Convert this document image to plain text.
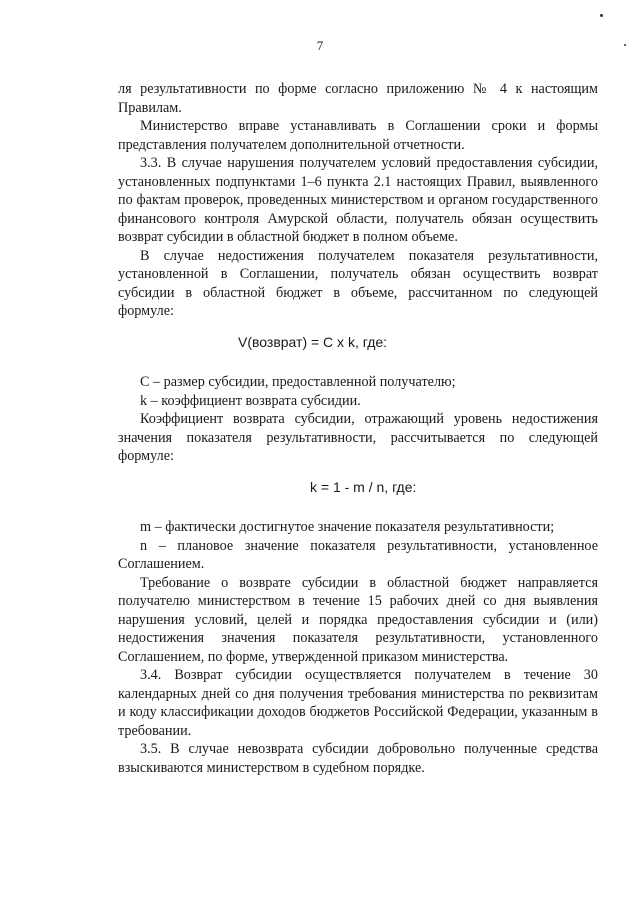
7

ля результативности по форме согласно приложению № 4 к настоящим Правилам.

Министерство вправе устанавливать в Соглашении сроки и формы представления получателем дополнительной отчетности.

3.3. В случае нарушения получателем условий предоставления субсидии, установленных подпунктами 1–6 пункта 2.1 настоящих Правил, выявленного по фактам проверок, проведенных министерством и органом государственного финансового контроля Амурской области, получатель обязан осуществить возврат субсидии в областной бюджет в полном объеме.

В случае недостижения получателем показателя результативности, установленной в Соглашении, получатель обязан осуществить возврат субсидии в областной бюджет в объеме, рассчитанном по следующей формуле:

V(возврат) = C x k, где:

C – размер субсидии, предоставленной получателю;

k – коэффициент возврата субсидии.

Коэффициент возврата субсидии, отражающий уровень недостижения значения показателя результативности, рассчитывается по следующей формуле:

k = 1 - m / n, где:

m – фактически достигнутое значение показателя результативности;

n – плановое значение показателя результативности, установленное Соглашением.

Требование о возврате субсидии в областной бюджет направляется получателю министерством в течение 15 рабочих дней со дня выявления нарушения условий, целей и порядка предоставления субсидии и (или) недостижения значения показателя результативности, установленного Соглашением, по форме, утвержденной приказом министерства.

3.4. Возврат субсидии осуществляется получателем в течение 30 календарных дней со дня получения требования министерства по реквизитам и коду классификации доходов бюджетов Российской Федерации, указанным в требовании.

3.5. В случае невозврата субсидии добровольно полученные средства взыскиваются министерством в судебном порядке.
